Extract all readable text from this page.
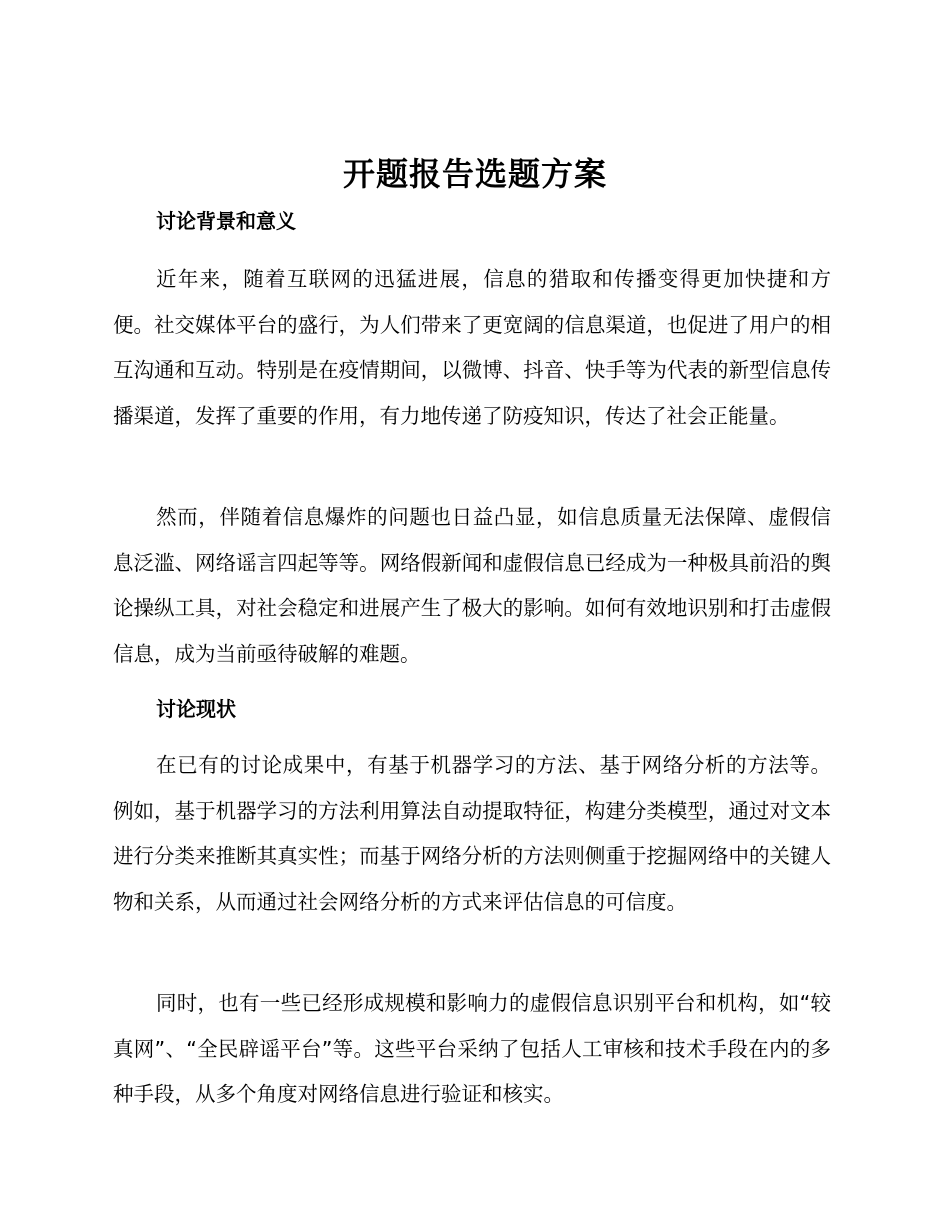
开题报告选题方案
讨论背景和意义

近年来，随着互联网的迅猛进展，信息的猎取和传播变得更加快捷和方便。社交媒体平台的盛行，为人们带来了更宽阔的信息渠道，也促进了用户的相互沟通和互动。特别是在疫情期间，以微博、抖音、快手等为代表的新型信息传播渠道，发挥了重要的作用，有力地传递了防疫知识，传达了社会正能量。

然而，伴随着信息爆炸的问题也日益凸显，如信息质量无法保障、虚假信息泛滥、网络谣言四起等等。网络假新闻和虚假信息已经成为一种极具前沿的舆论操纵工具，对社会稳定和进展产生了极大的影响。如何有效地识别和打击虚假信息，成为当前亟待破解的难题。

讨论现状

在已有的讨论成果中，有基于机器学习的方法、基于网络分析的方法等。例如，基于机器学习的方法利用算法自动提取特征，构建分类模型，通过对文本进行分类来推断其真实性；而基于网络分析的方法则侧重于挖掘网络中的关键人物和关系，从而通过社会网络分析的方式来评估信息的可信度。

同时，也有一些已经形成规模和影响力的虚假信息识别平台和机构，如“较真网”、“全民辟谣平台”等。这些平台采纳了包括人工审核和技术手段在内的多种手段，从多个角度对网络信息进行验证和核实。
